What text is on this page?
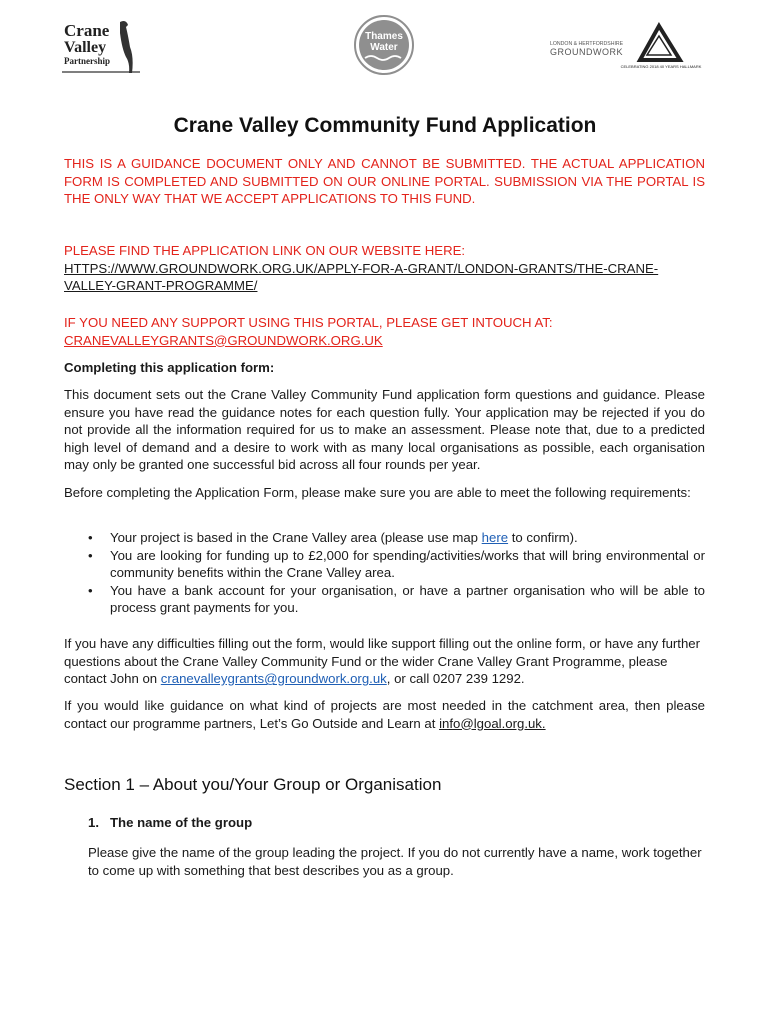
Crane
Valley
Partnership
Thames
Water	LONDON & HERTFORDSHIRE
GROUNDWORK
CELEBRATING 2018 40 YEARS HALLMARK
Crane Valley Community Fund Application

THIS IS A GUIDANCE DOCUMENT ONLY AND CANNOT BE SUBMITTED. THE ACTUAL APPLICATION FORM IS COMPLETED AND SUBMITTED ON OUR ONLINE PORTAL. SUBMISSION VIA THE PORTAL IS THE ONLY WAY THAT WE ACCEPT APPLICATIONS TO THIS FUND.

PLEASE FIND THE APPLICATION LINK ON OUR WEBSITE HERE:
HTTPS://WWW.GROUNDWORK.ORG.UK/APPLY-FOR-A-GRANT/LONDON-GRANTS/THE-CRANE-VALLEY-GRANT-PROGRAMME/

IF YOU NEED ANY SUPPORT USING THIS PORTAL, PLEASE GET INTOUCH AT:
CRANEVALLEYGRANTS@GROUNDWORK.ORG.UK

Completing this application form:

This document sets out the Crane Valley Community Fund application form questions and guidance. Please ensure you have read the guidance notes for each question fully. Your application may be rejected if you do not provide all the information required for us to make an assessment. Please note that, due to a predicted high level of demand and a desire to work with as many local organisations as possible, each organisation may only be granted one successful bid across all four rounds per year.

Before completing the Application Form, please make sure you are able to meet the following requirements:

• Your project is based in the Crane Valley area (please use map here to confirm).
• You are looking for funding up to £2,000 for spending/activities/works that will bring environmental or community benefits within the Crane Valley area.
• You have a bank account for your organisation, or have a partner organisation who will be able to process grant payments for you.

If you have any difficulties filling out the form, would like support filling out the online form, or have any further questions about the Crane Valley Community Fund or the wider Crane Valley Grant Programme, please contact John on cranevalleygrants@groundwork.org.uk, or call 0207 239 1292.

If you would like guidance on what kind of projects are most needed in the catchment area, then please contact our programme partners, Let’s Go Outside and Learn at info@lgoal.org.uk.

Section 1 – About you/Your Group or Organisation

1. The name of the group

Please give the name of the group leading the project. If you do not currently have a name, work together to come up with something that best describes you as a group.
